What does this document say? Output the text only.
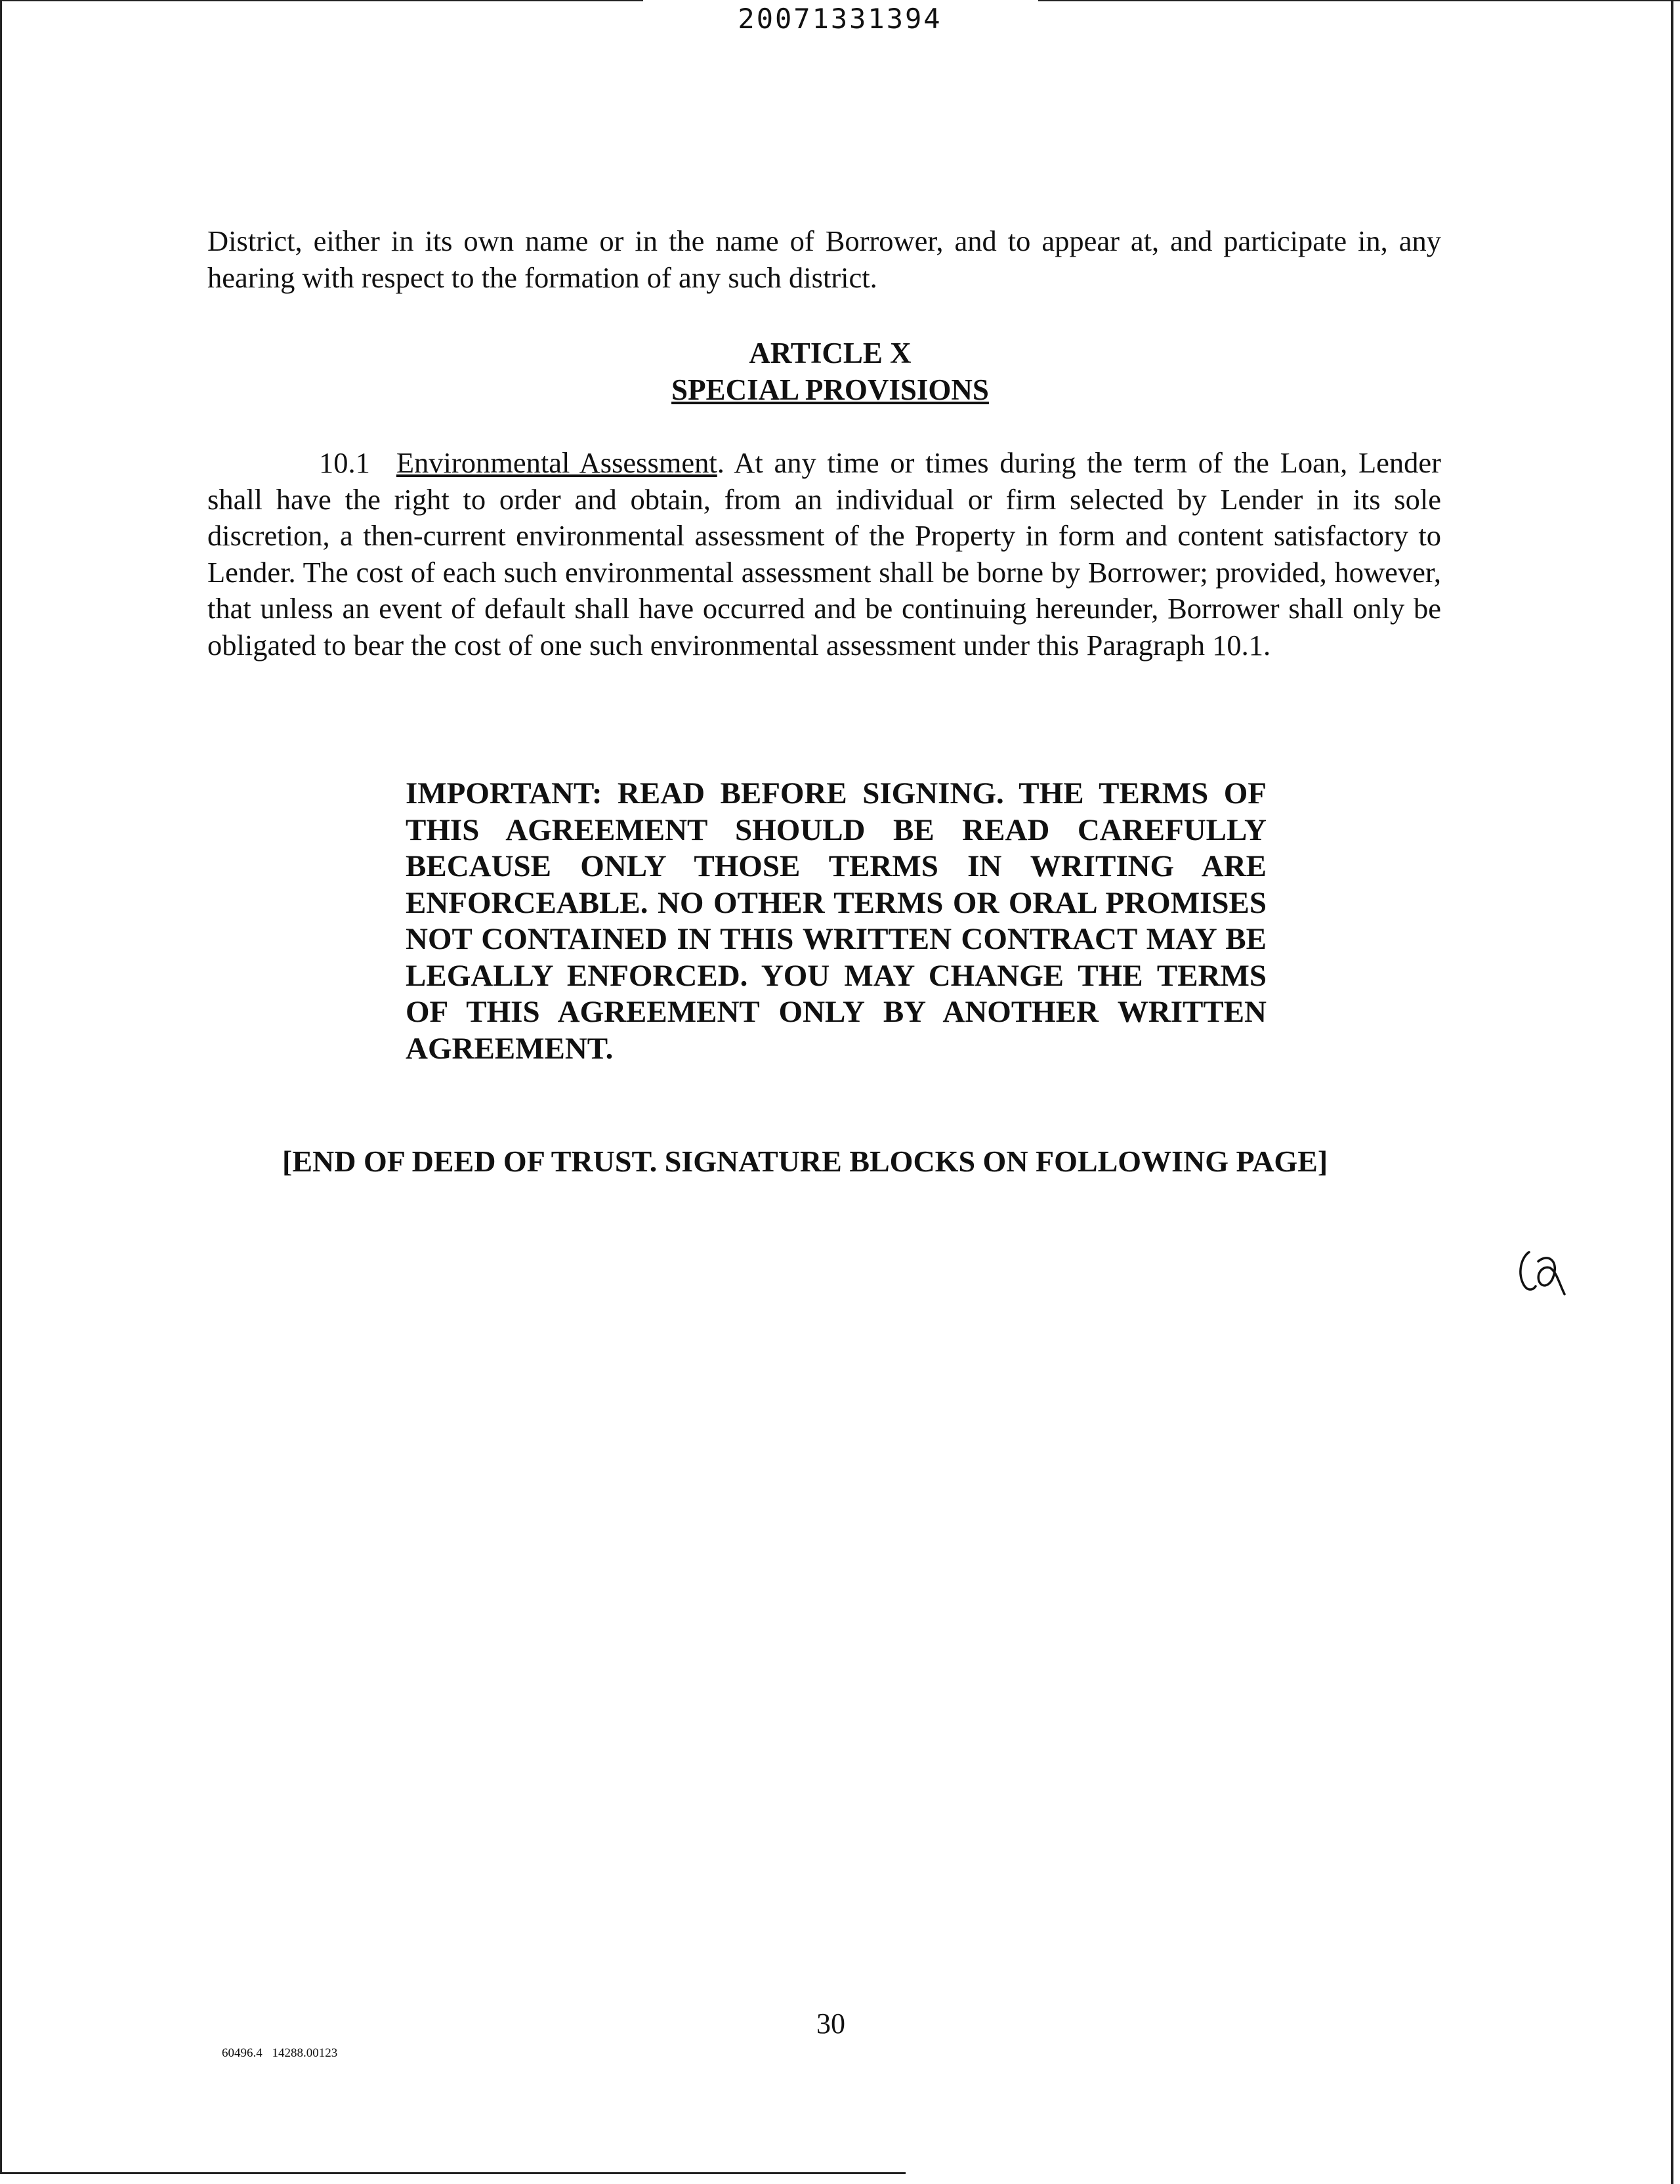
20071331394
District, either in its own name or in the name of Borrower, and to appear at, and participate in, any hearing with respect to the formation of any such district.
ARTICLE X
SPECIAL PROVISIONS
10.1 Environmental Assessment. At any time or times during the term of the Loan, Lender shall have the right to order and obtain, from an individual or firm selected by Lender in its sole discretion, a then-current environmental assessment of the Property in form and content satisfactory to Lender. The cost of each such environmental assessment shall be borne by Borrower; provided, however, that unless an event of default shall have occurred and be continuing hereunder, Borrower shall only be obligated to bear the cost of one such environmental assessment under this Paragraph 10.1.
IMPORTANT: READ BEFORE SIGNING. THE TERMS OF THIS AGREEMENT SHOULD BE READ CAREFULLY BECAUSE ONLY THOSE TERMS IN WRITING ARE ENFORCEABLE. NO OTHER TERMS OR ORAL PROMISES NOT CONTAINED IN THIS WRITTEN CONTRACT MAY BE LEGALLY ENFORCED. YOU MAY CHANGE THE TERMS OF THIS AGREEMENT ONLY BY ANOTHER WRITTEN AGREEMENT.
[END OF DEED OF TRUST. SIGNATURE BLOCKS ON FOLLOWING PAGE]
30
60496.4 14288.00123
